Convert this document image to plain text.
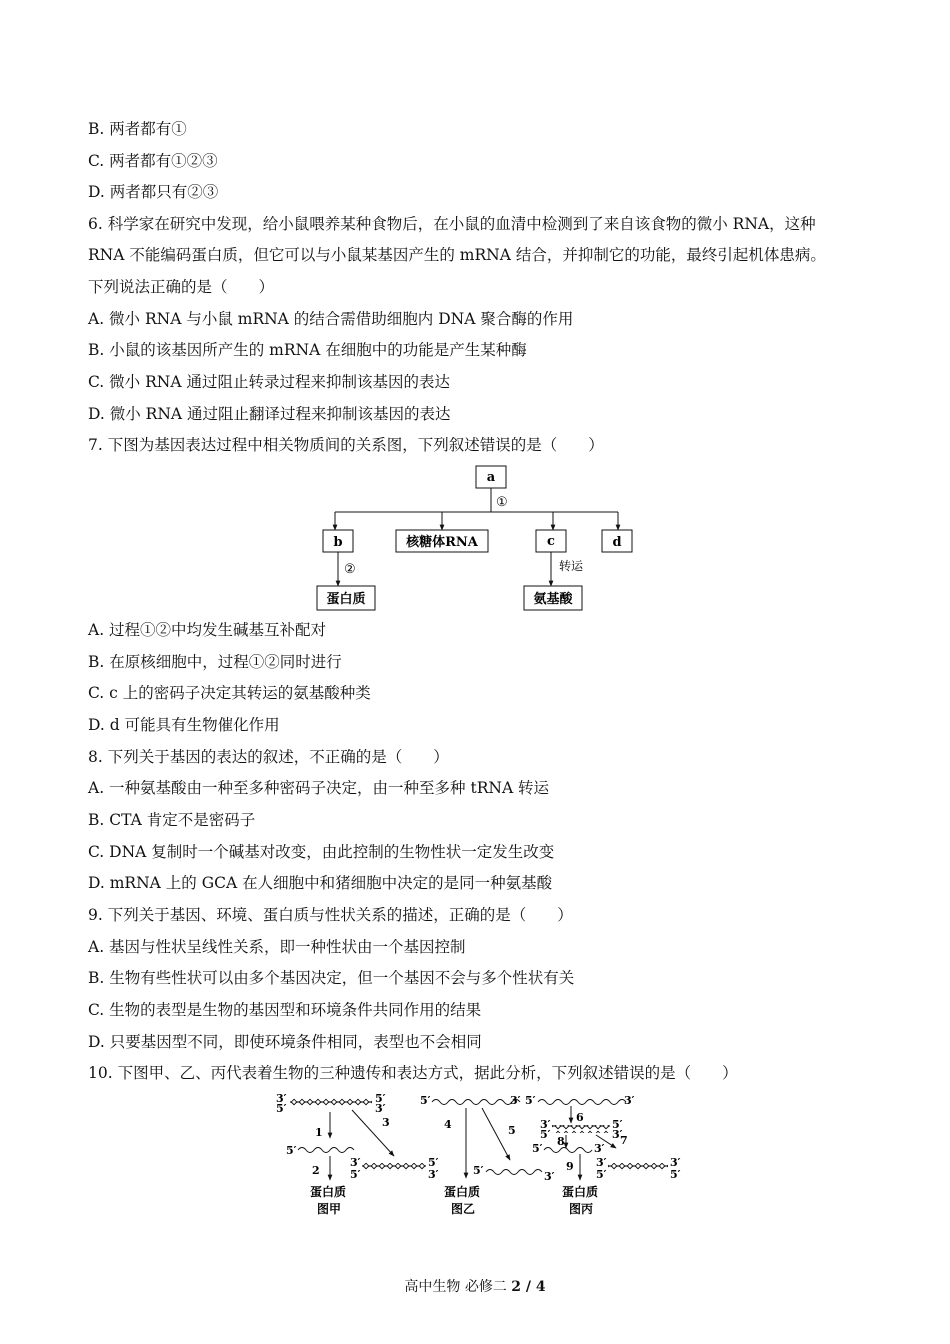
B. 两者都有①
C. 两者都有①②③
D. 两者都只有②③
6. 科学家在研究中发现，给小鼠喂养某种食物后，在小鼠的血清中检测到了来自该食物的微小 RNA，这种
RNA 不能编码蛋白质，但它可以与小鼠某基因产生的 mRNA 结合，并抑制它的功能，最终引起机体患病。
下列说法正确的是（　　）
A. 微小 RNA 与小鼠 mRNA 的结合需借助细胞内 DNA 聚合酶的作用
B. 小鼠的该基因所产生的 mRNA 在细胞中的功能是产生某种酶
C. 微小 RNA 通过阻止转录过程来抑制该基因的表达
D. 微小 RNA 通过阻止翻译过程来抑制该基因的表达
7. 下图为基因表达过程中相关物质间的关系图，下列叙述错误的是（　　）
a
①
b	核糖体RNA	c	d
②	转运
蛋白质	氨基酸
A. 过程①②中均发生碱基互补配对
B. 在原核细胞中，过程①②同时进行
C. c 上的密码子决定其转运的氨基酸种类
D. d 可能具有生物催化作用
8. 下列关于基因的表达的叙述，不正确的是（　　）
A. 一种氨基酸由一种至多种密码子决定，由一种至多种 tRNA 转运
B. CTA 肯定不是密码子
C. DNA 复制时一个碱基对改变，由此控制的生物性状一定发生改变
D. mRNA 上的 GCA 在人细胞中和猪细胞中决定的是同一种氨基酸
9. 下列关于基因、环境、蛋白质与性状关系的描述，正确的是（　　）
A. 基因与性状呈线性关系，即一种性状由一个基因控制
B. 生物有些性状可以由多个基因决定，但一个基因不会与多个性状有关
C. 生物的表型是生物的基因型和环境条件共同作用的结果
D. 只要基因型不同，即使环境条件相同，表型也不会相同
10. 下图甲、乙、丙代表着生物的三种遗传和表达方式，据此分析，下列叙述错误的是（　　）
3′
5′
5′
3′
1
3
5′
2
3′
5′
5′
3′
蛋白质
图甲
5′	3′
4	5
5′	3′
蛋白质
图乙
5′	3′
6
3′
5′
5′
3′
8	7
5′	3′
9 3′
5′
3′
5′
蛋白质
图丙
高中生物 必修二 2 / 4
